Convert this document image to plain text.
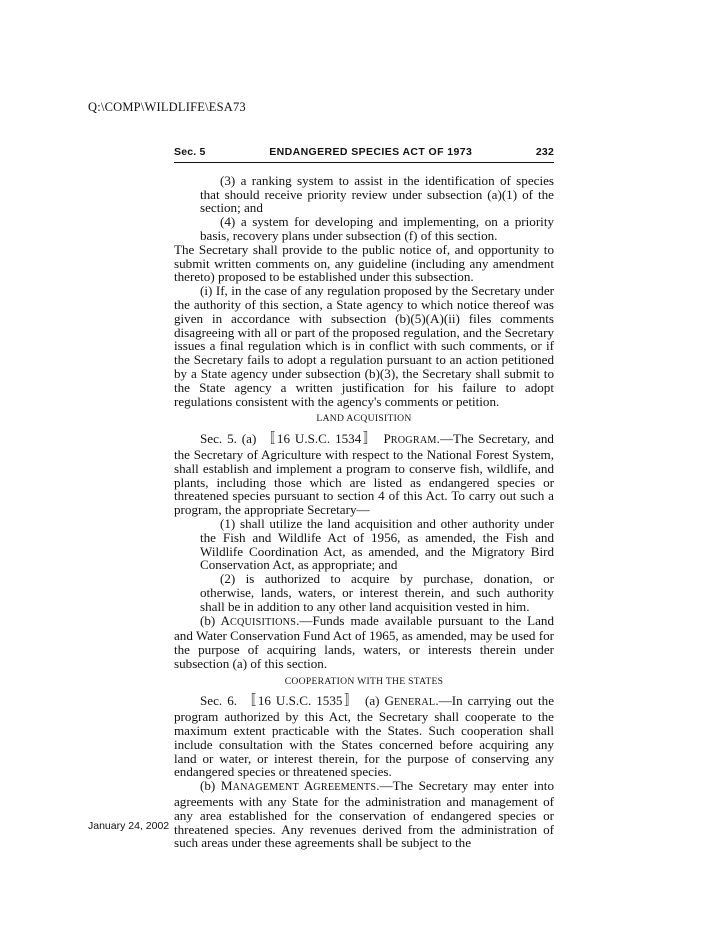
Q:\COMP\WILDLIFE\ESA73
Sec. 5	ENDANGERED SPECIES ACT OF 1973	232

(3) a ranking system to assist in the identification of species that should receive priority review under subsection (a)(1) of the section; and

(4) a system for developing and implementing, on a priority basis, recovery plans under subsection (f) of this section.

The Secretary shall provide to the public notice of, and opportunity to submit written comments on, any guideline (including any amendment thereto) proposed to be established under this subsection.

(i) If, in the case of any regulation proposed by the Secretary under the authority of this section, a State agency to which notice thereof was given in accordance with subsection (b)(5)(A)(ii) files comments disagreeing with all or part of the proposed regulation, and the Secretary issues a final regulation which is in conflict with such comments, or if the Secretary fails to adopt a regulation pursuant to an action petitioned by a State agency under subsection (b)(3), the Secretary shall submit to the State agency a written justification for his failure to adopt regulations consistent with the agency's comments or petition.

LAND ACQUISITION

Sec. 5. (a) 〚16 U.S.C. 1534〛 PROGRAM.—The Secretary, and the Secretary of Agriculture with respect to the National Forest System, shall establish and implement a program to conserve fish, wildlife, and plants, including those which are listed as endangered species or threatened species pursuant to section 4 of this Act. To carry out such a program, the appropriate Secretary—

(1) shall utilize the land acquisition and other authority under the Fish and Wildlife Act of 1956, as amended, the Fish and Wildlife Coordination Act, as amended, and the Migratory Bird Conservation Act, as appropriate; and

(2) is authorized to acquire by purchase, donation, or otherwise, lands, waters, or interest therein, and such authority shall be in addition to any other land acquisition vested in him.

(b) ACQUISITIONS.—Funds made available pursuant to the Land and Water Conservation Fund Act of 1965, as amended, may be used for the purpose of acquiring lands, waters, or interests therein under subsection (a) of this section.

COOPERATION WITH THE STATES

Sec. 6. 〚16 U.S.C. 1535〛 (a) GENERAL.—In carrying out the program authorized by this Act, the Secretary shall cooperate to the maximum extent practicable with the States. Such cooperation shall include consultation with the States concerned before acquiring any land or water, or interest therein, for the purpose of conserving any endangered species or threatened species.

(b) MANAGEMENT AGREEMENTS.—The Secretary may enter into agreements with any State for the administration and management of any area established for the conservation of endangered species or threatened species. Any revenues derived from the administration of such areas under these agreements shall be subject to the

January 24, 2002
